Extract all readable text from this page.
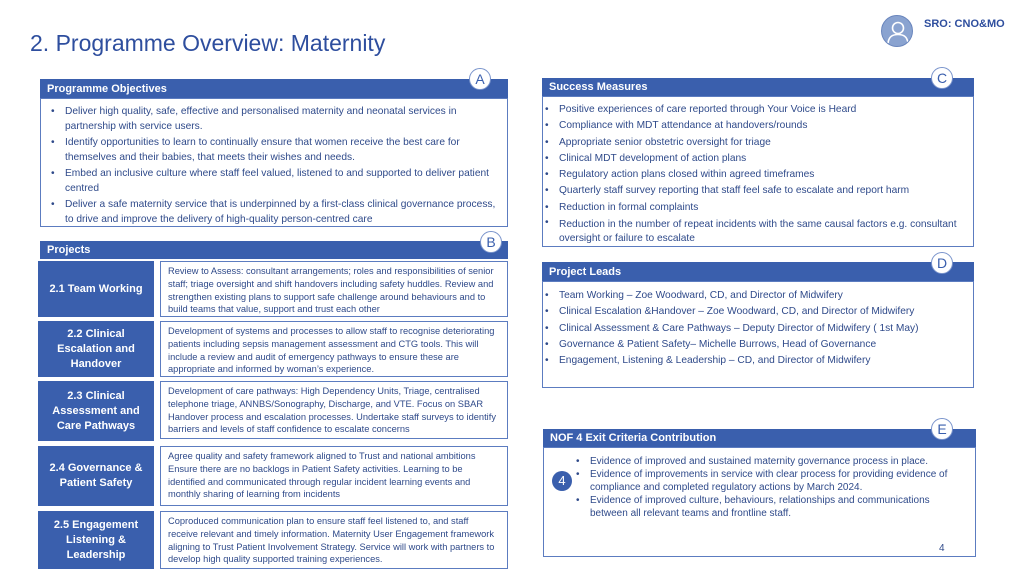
2. Programme Overview: Maternity
SRO: CNO&MO
Programme Objectives
A
• Deliver high quality, safe, effective and personalised maternity and neonatal services in partnership with service users.
• Identify opportunities to learn to continually ensure that women receive the best care for themselves and their babies, that meets their wishes and needs.
• Embed an inclusive culture where staff feel valued, listened to and supported to deliver patient centred
• Deliver a safe maternity service that is underpinned by a first-class clinical governance process, to drive and improve the delivery of high-quality person-centred care
Projects	B
2.1 Team Working
Review to Assess: consultant arrangements; roles and responsibilities of senior staff; triage oversight and shift handovers including safety huddles. Review and strengthen existing plans to support safe challenge around behaviours and to build teams that value, support and trust each other
2.2 Clinical Escalation and Handover
Development of systems and processes to allow staff to recognise deteriorating patients including sepsis management assessment and CTG tools. This will include a review and audit of emergency pathways to ensure these are appropriate and informed by woman’s experience.
2.3 Clinical Assessment and Care Pathways
Development of care pathways: High Dependency Units, Triage, centralised telephone triage, ANNBS/Sonography, Discharge, and VTE. Focus on SBAR Handover process and escalation processes. Undertake staff surveys to identify barriers and levels of staff confidence to escalate concerns
2.4 Governance & Patient Safety
Agree quality and safety framework aligned to Trust and national ambitions Ensure there are no backlogs in Patient Safety activities. Learning to be identified and communicated through regular incident learning events and monthly sharing of learning from incidents
2.5 Engagement Listening & Leadership
Coproduced communication plan to ensure staff feel listened to, and staff receive relevant and timely information. Maternity User Engagement framework aligning to Trust Patient Involvement Strategy. Service will work with partners to develop high quality supported training experiences.
Success Measures
C
• Positive experiences of care reported through Your Voice is Heard
• Compliance with MDT attendance at handovers/rounds
• Appropriate senior obstetric oversight for triage
• Clinical MDT development of action plans
• Regulatory action plans closed within agreed timeframes
• Quarterly staff survey reporting that staff feel safe to escalate and report harm
• Reduction in formal complaints
• Reduction in the number of repeat incidents with the same causal factors e.g. consultant oversight or failure to escalate
Project Leads
D
• Team Working – Zoe Woodward, CD, and Director of Midwifery
• Clinical Escalation &Handover – Zoe Woodward, CD, and Director of Midwifery
• Clinical Assessment & Care Pathways – Deputy Director of Midwifery ( 1st May)
• Governance & Patient Safety– Michelle Burrows, Head of Governance
• Engagement, Listening & Leadership – CD, and Director of Midwifery
NOF 4 Exit Criteria Contribution
E
• Evidence of improved and sustained maternity governance process in place.
• Evidence of improvements in service with clear process for providing evidence of compliance and completed regulatory actions by March 2024.
• Evidence of improved culture, behaviours, relationships and communications between all relevant teams and frontline staff.
4
4
